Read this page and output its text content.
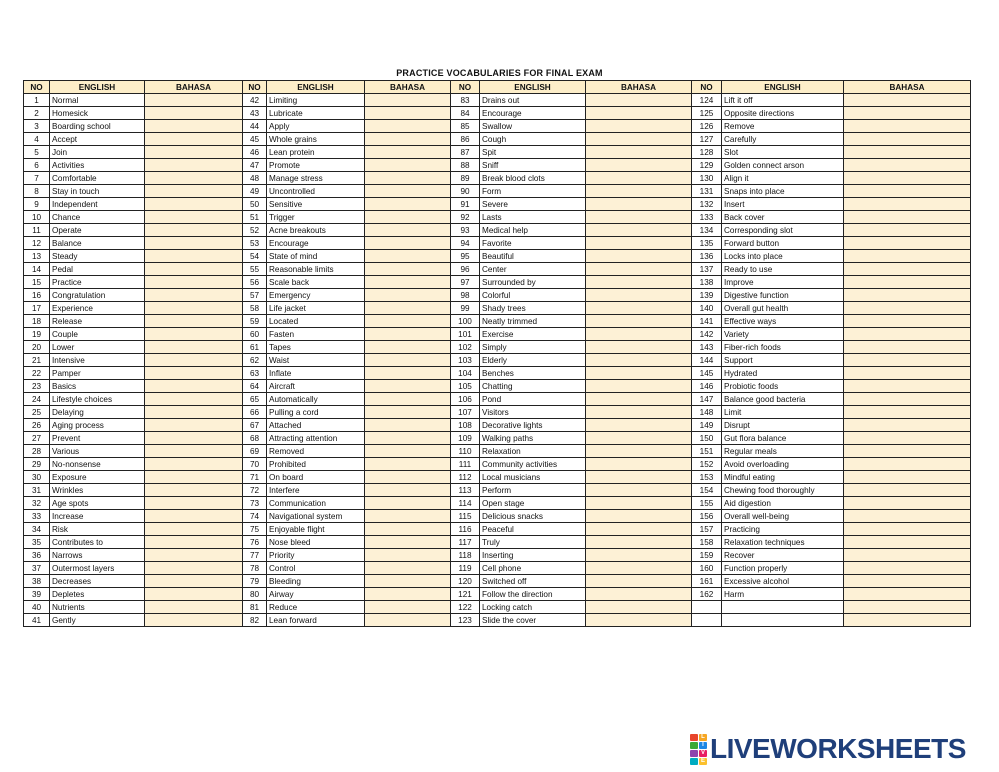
PRACTICE VOCABULARIES FOR FINAL EXAM
NO	ENGLISH	BAHASA	NO	ENGLISH	BAHASA	NO	ENGLISH	BAHASA	NO	ENGLISH	BAHASA
1	Normal		42	Limiting		83	Drains out		124	Lift it off	
2	Homesick		43	Lubricate		84	Encourage		125	Opposite directions	
3	Boarding school		44	Apply		85	Swallow		126	Remove	
4	Accept		45	Whole grains		86	Cough		127	Carefully	
5	Join		46	Lean protein		87	Spit		128	Slot	
6	Activities		47	Promote		88	Sniff		129	Golden connect arson	
7	Comfortable		48	Manage stress		89	Break blood clots		130	Align it	
8	Stay in touch		49	Uncontrolled		90	Form		131	Snaps into place	
9	Independent		50	Sensitive		91	Severe		132	Insert	
10	Chance		51	Trigger		92	Lasts		133	Back cover	
11	Operate		52	Acne breakouts		93	Medical help		134	Corresponding slot	
12	Balance		53	Encourage		94	Favorite		135	Forward button	
13	Steady		54	State of mind		95	Beautiful		136	Locks into place	
14	Pedal		55	Reasonable limits		96	Center		137	Ready to use	
15	Practice		56	Scale back		97	Surrounded by		138	Improve	
16	Congratulation		57	Emergency		98	Colorful		139	Digestive function	
17	Experience		58	Life jacket		99	Shady trees		140	Overall gut health	
18	Release		59	Located		100	Neatly trimmed		141	Effective ways	
19	Couple		60	Fasten		101	Exercise		142	Variety	
20	Lower		61	Tapes		102	Simply		143	Fiber-rich foods	
21	Intensive		62	Waist		103	Elderly		144	Support	
22	Pamper		63	Inflate		104	Benches		145	Hydrated	
23	Basics		64	Aircraft		105	Chatting		146	Probiotic foods	
24	Lifestyle choices		65	Automatically		106	Pond		147	Balance good bacteria	
25	Delaying		66	Pulling a cord		107	Visitors		148	Limit	
26	Aging process		67	Attached		108	Decorative lights		149	Disrupt	
27	Prevent		68	Attracting attention		109	Walking paths		150	Gut flora balance	
28	Various		69	Removed		110	Relaxation		151	Regular meals	
29	No-nonsense		70	Prohibited		111	Community activities		152	Avoid overloading	
30	Exposure		71	On board		112	Local musicians		153	Mindful eating	
31	Wrinkles		72	Interfere		113	Perform		154	Chewing food thoroughly	
32	Age spots		73	Communication		114	Open stage		155	Aid digestion	
33	Increase		74	Navigational system		115	Delicious snacks		156	Overall well-being	
34	Risk		75	Enjoyable flight		116	Peaceful		157	Practicing	
35	Contributes to		76	Nose bleed		117	Truly		158	Relaxation techniques	
36	Narrows		77	Priority		118	Inserting		159	Recover	
37	Outermost layers		78	Control		119	Cell phone		160	Function properly	
38	Decreases		79	Bleeding		120	Switched off		161	Excessive alcohol	
39	Depletes		80	Airway		121	Follow the direction		162	Harm	
40	Nutrients		81	Reduce		122	Locking catch				
41	Gently		82	Lean forward		123	Slide the cover				
L
I
V
E LIVEWORKSHEETS
